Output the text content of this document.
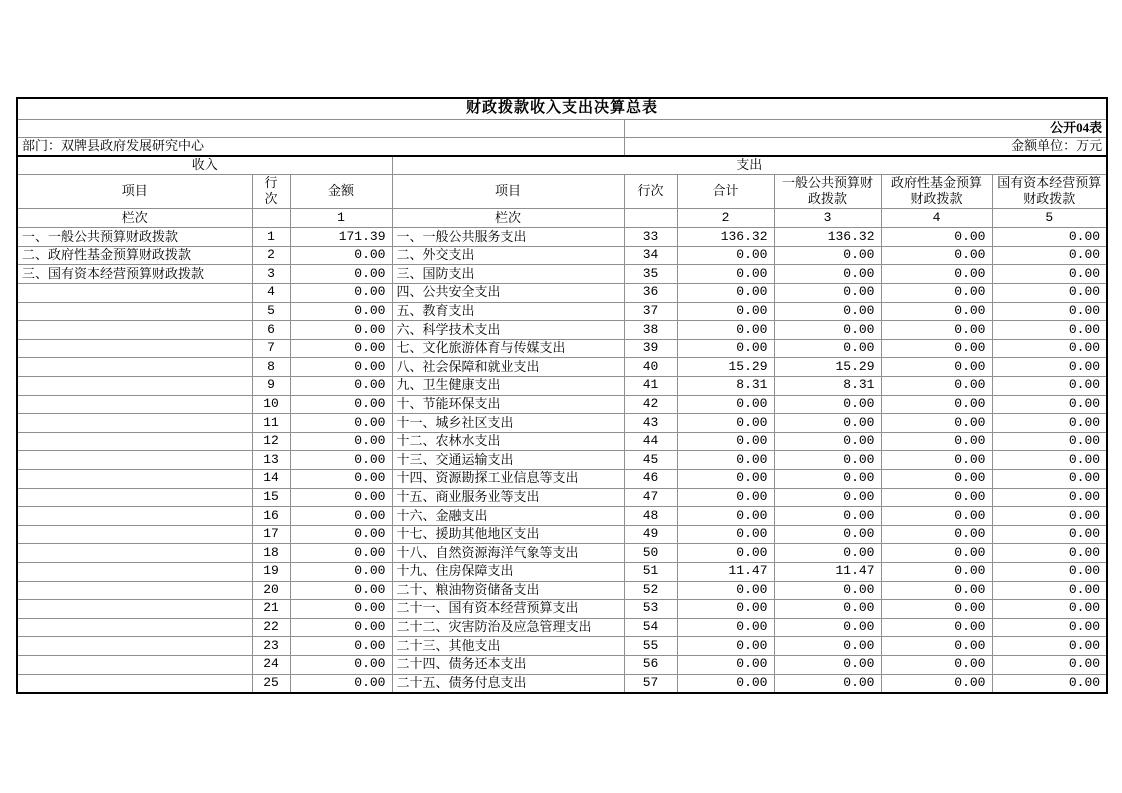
财政拨款收入支出决算总表								
				公开04表				
部门：双牌县政府发展研究中心				金额单位：万元				
收入			支出					
项目	行次	金额	项目	行次	合计	一般公共预算财政拨款	政府性基金预算财政拨款	国有资本经营预算财政拨款
栏次		1	栏次		2	3	4	5
一、一般公共预算财政拨款	1	171.39	一、一般公共服务支出	33	136.32	136.32	0.00	0.00
二、政府性基金预算财政拨款	2	0.00	二、外交支出	34	0.00	0.00	0.00	0.00
三、国有资本经营预算财政拨款	3	0.00	三、国防支出	35	0.00	0.00	0.00	0.00
	4	0.00	四、公共安全支出	36	0.00	0.00	0.00	0.00
	5	0.00	五、教育支出	37	0.00	0.00	0.00	0.00
	6	0.00	六、科学技术支出	38	0.00	0.00	0.00	0.00
	7	0.00	七、文化旅游体育与传媒支出	39	0.00	0.00	0.00	0.00
	8	0.00	八、社会保障和就业支出	40	15.29	15.29	0.00	0.00
	9	0.00	九、卫生健康支出	41	8.31	8.31	0.00	0.00
	10	0.00	十、节能环保支出	42	0.00	0.00	0.00	0.00
	11	0.00	十一、城乡社区支出	43	0.00	0.00	0.00	0.00
	12	0.00	十二、农林水支出	44	0.00	0.00	0.00	0.00
	13	0.00	十三、交通运输支出	45	0.00	0.00	0.00	0.00
	14	0.00	十四、资源勘探工业信息等支出	46	0.00	0.00	0.00	0.00
	15	0.00	十五、商业服务业等支出	47	0.00	0.00	0.00	0.00
	16	0.00	十六、金融支出	48	0.00	0.00	0.00	0.00
	17	0.00	十七、援助其他地区支出	49	0.00	0.00	0.00	0.00
	18	0.00	十八、自然资源海洋气象等支出	50	0.00	0.00	0.00	0.00
	19	0.00	十九、住房保障支出	51	11.47	11.47	0.00	0.00
	20	0.00	二十、粮油物资储备支出	52	0.00	0.00	0.00	0.00
	21	0.00	二十一、国有资本经营预算支出	53	0.00	0.00	0.00	0.00
	22	0.00	二十二、灾害防治及应急管理支出	54	0.00	0.00	0.00	0.00
	23	0.00	二十三、其他支出	55	0.00	0.00	0.00	0.00
	24	0.00	二十四、债务还本支出	56	0.00	0.00	0.00	0.00
	25	0.00	二十五、债务付息支出	57	0.00	0.00	0.00	0.00
